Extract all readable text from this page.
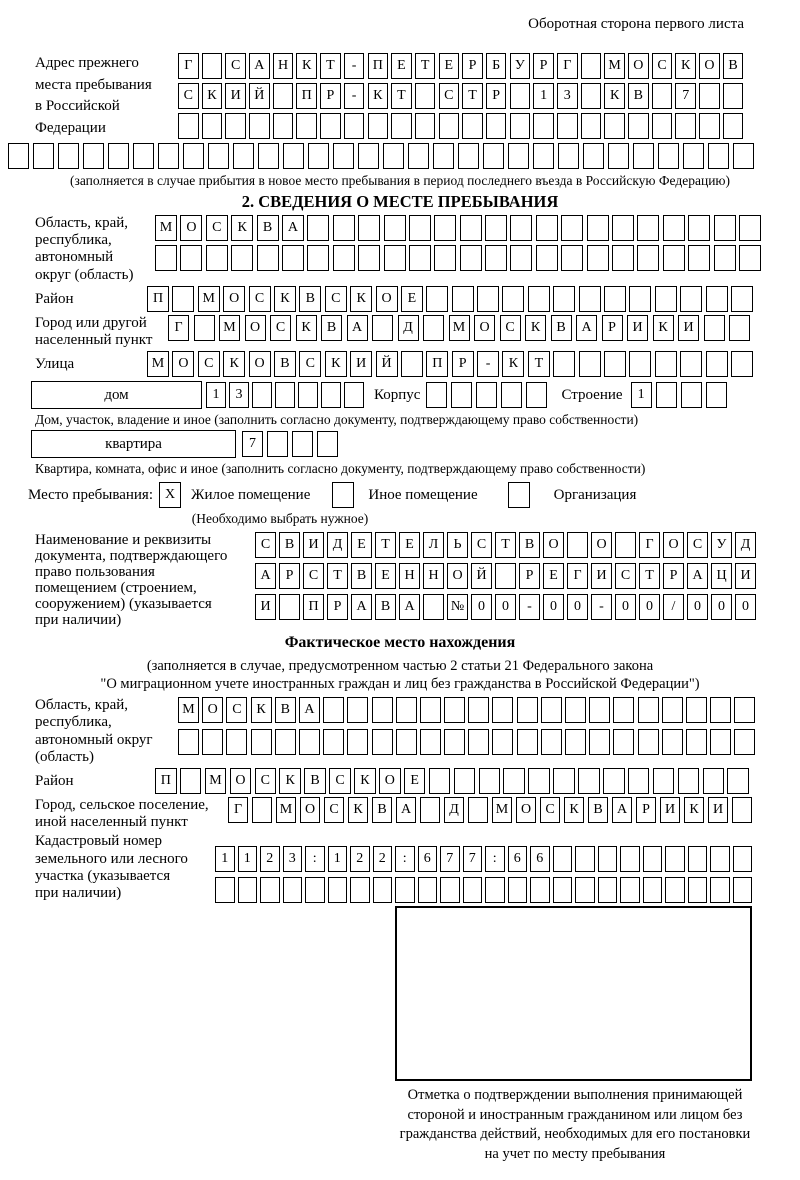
Оборотная сторона первого листа
Адрес прежнего
места пребывания
в Российской
Федерации
Г	С А Н К	Т	-	П	Е	Т	Е	Р	Б	У	Р	Г	М О С	К О В
С	К И Й	П	Р	-	К	Т	С	Т	Р	1	3	К	В	7
(заполняется в случае прибытия в новое место пребывания в период последнего въезда в Российскую Федерацию)
2. СВЕДЕНИЯ О МЕСТЕ ПРЕБЫВАНИЯ
Область, край,
республика,
автономный
округ (область)
М	О	С	К	В	А
Район	П	М	О	С	К	В	С	К	О	Е
Город или другой
населенный пункт
Г	М	О	С	К	В	А	Д	М	О	С	К	В	А	Р	И	К	И
Улица	М	О	С	К	О	В	С	К	И	Й	П	Р	-	К	Т
дом	1	3	Корпус	Строение	1
Дом, участок, владение и иное (заполнить согласно документу, подтверждающему право собственности)
квартира	7
Квартира, комната, офис и иное (заполнить согласно документу, подтверждающему право собственности)
Место пребывания: X	Жилое помещение	Иное помещение	Организация
(Необходимо выбрать нужное)
Наименование и реквизиты
документа, подтверждающего
право пользования
помещением (строением,
сооружением) (указывается
при наличии)
С	В	И	Д	Е	Т	Е	Л	Ь	С	Т	В	О	О	Г	О	С	У	Д
А	Р	С	Т	В	Е	Н Н О Й	Р	Е	Г	И	С	Т	Р	А Ц И
И	П	Р	А	В	А	№ 0	0	-	0	0	-	0	0	/	0	0	0
Фактическое место нахождения
(заполняется в случае, предусмотренном частью 2 статьи 21 Федерального закона
"О миграционном учете иностранных граждан и лиц без гражданства в Российской Федерации")
Область, край,
республика,
автономный округ
(область)
М О	С	К	В	А
Район	П	М О	С	К	В	С	К	О	Е
Город, сельское поселение,
иной населенный пункт
Г	М О	С	К	В	А	Д	М О	С	К	В	А	Р	И	К	И
Кадастровый номер
земельного или лесного
участка (указывается
при наличии)
1	1	2	3	:	1	2	2	:	6	7	7	:	6	6
Отметка о подтверждении выполнения принимающей
стороной и иностранным гражданином или лицом без
гражданства действий, необходимых для его постановки
на учет по месту пребывания
